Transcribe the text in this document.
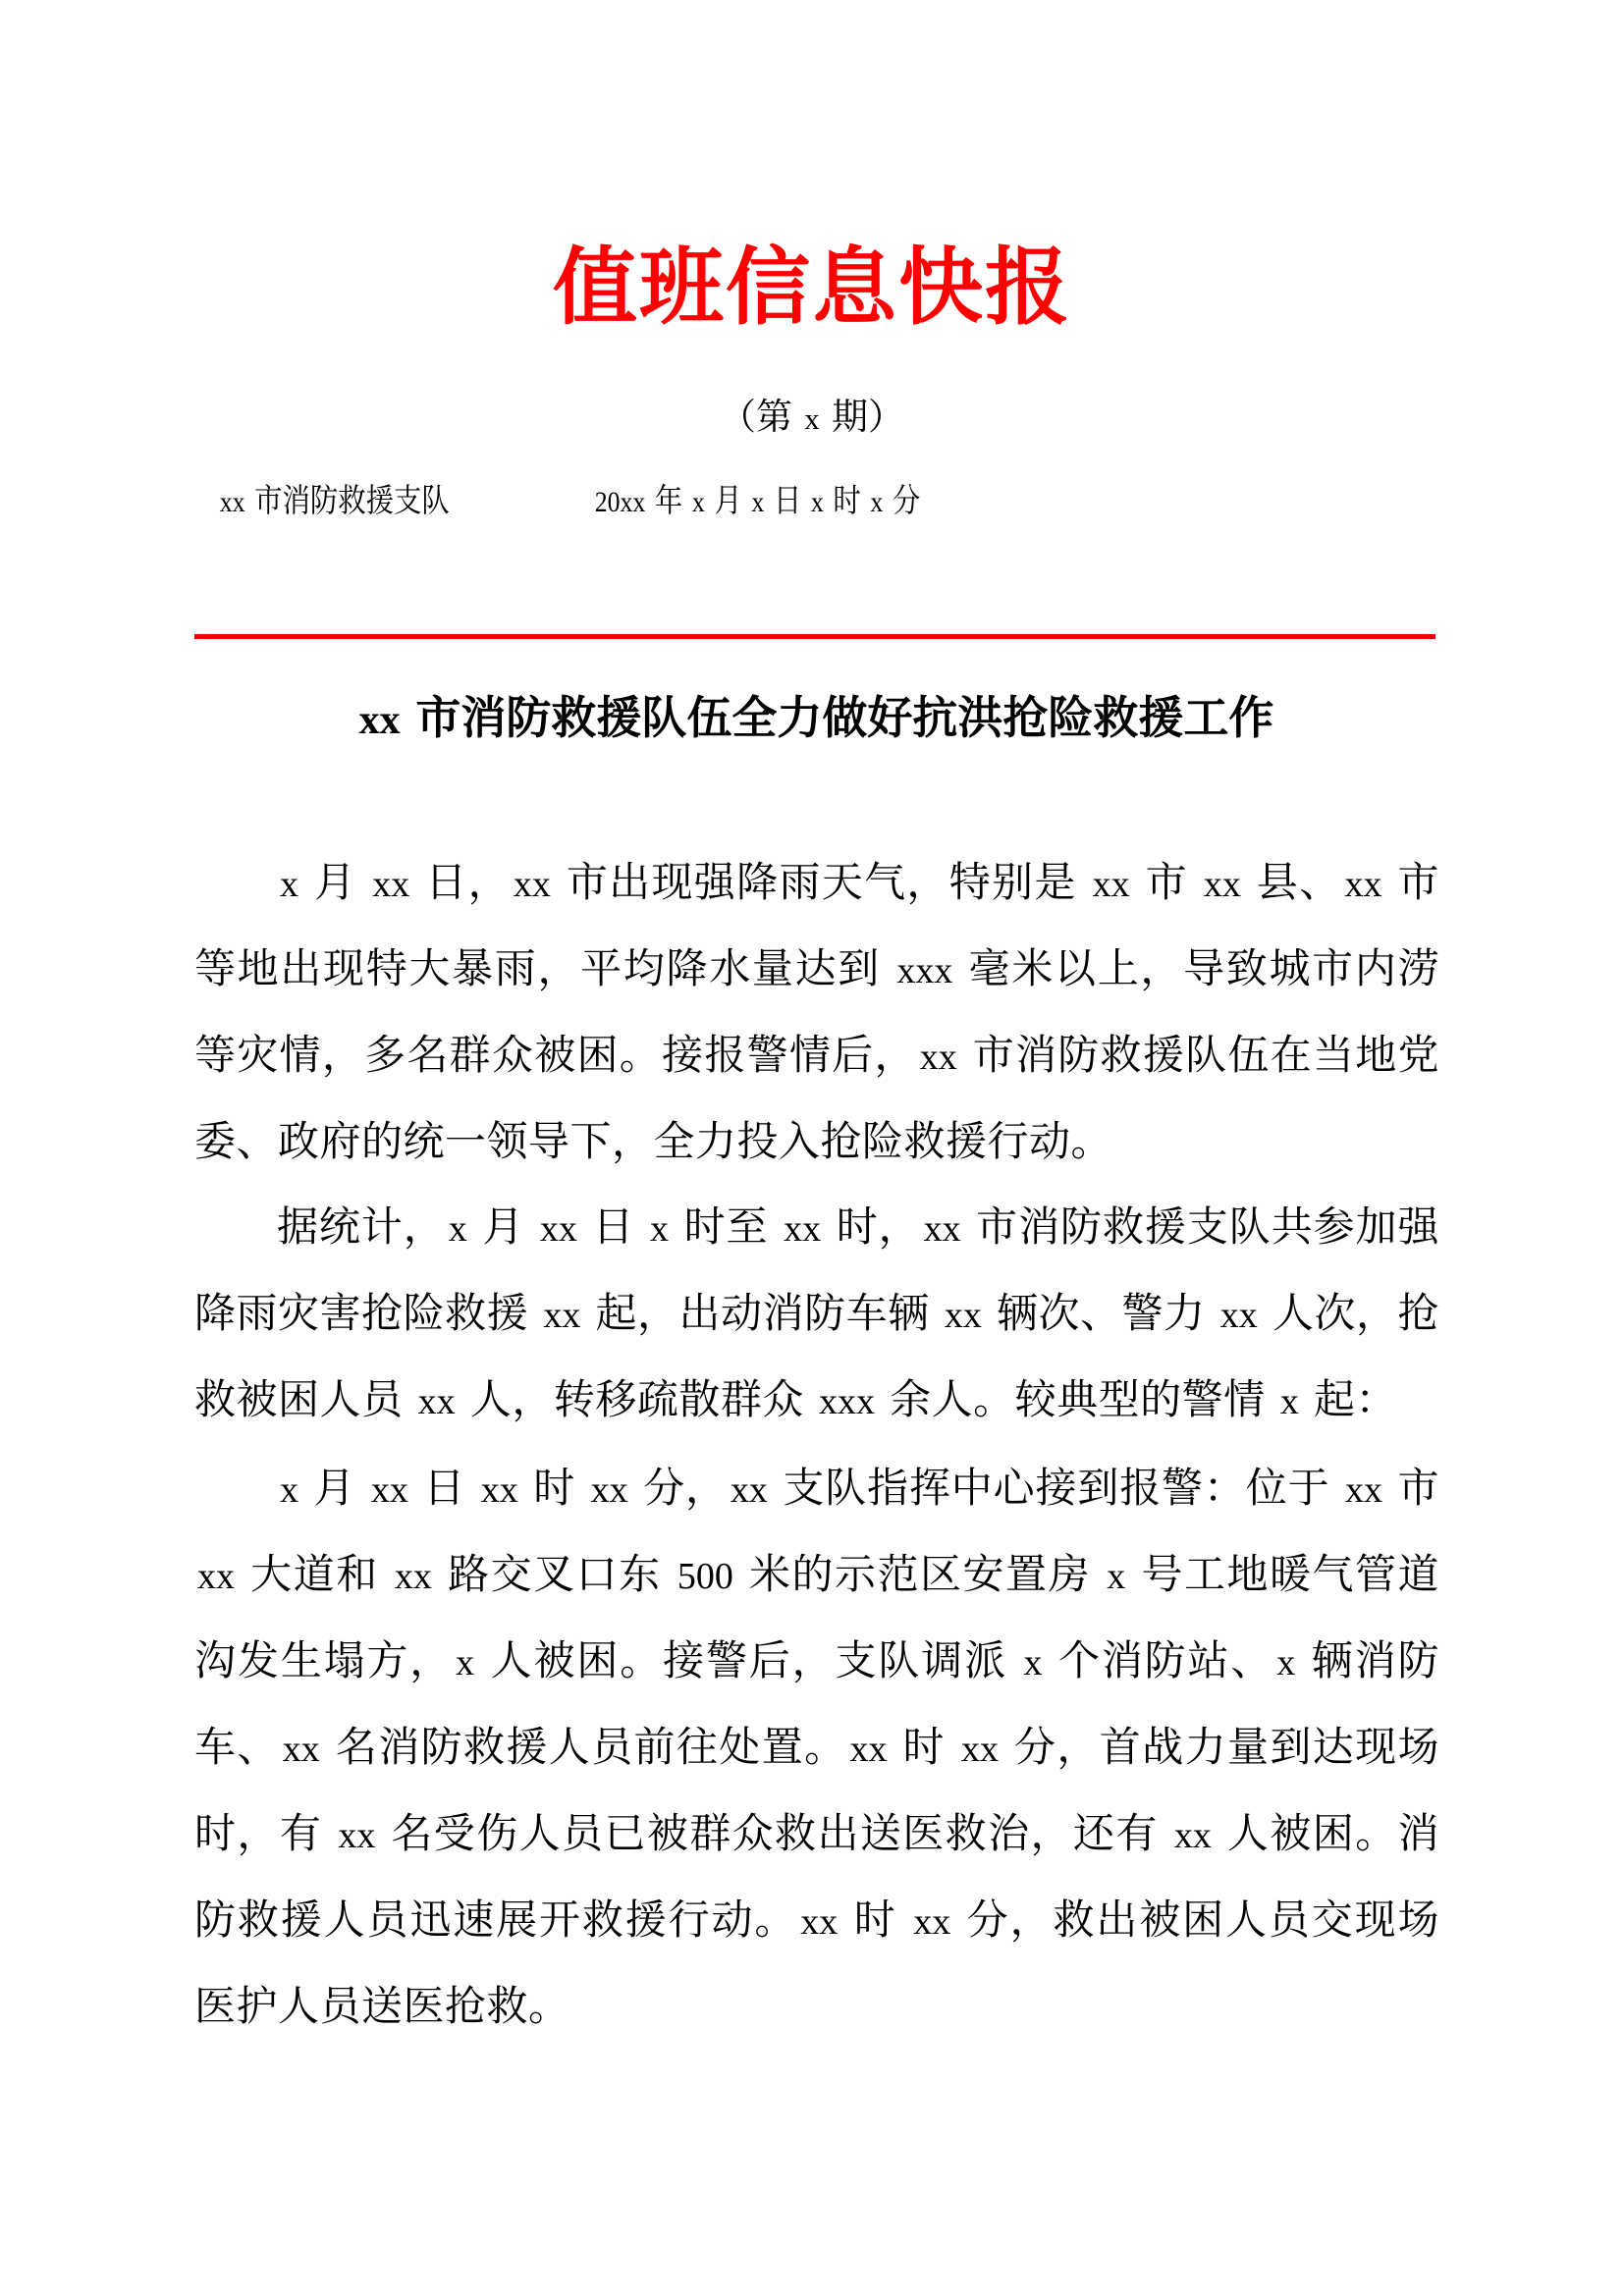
值班信息快报

（第 x 期）

xx 市消防救援支队	20xx 年 x 月 x 日 x 时 x 分
xx 市消防救援队伍全力做好抗洪抢险救援工作

x 月 xx 日，xx 市出现强降雨天气，特别是 xx 市 xx 县、xx 市等地出现特大暴雨，平均降水量达到 xxx 毫米以上，导致城市内涝等灾情，多名群众被困。接报警情后，xx 市消防救援队伍在当地党委、政府的统一领导下，全力投入抢险救援行动。

据统计，x 月 xx 日 x 时至 xx 时，xx 市消防救援支队共参加强降雨灾害抢险救援 xx 起，出动消防车辆 xx 辆次、警力 xx 人次，抢救被困人员 xx 人，转移疏散群众 xxx 余人。较典型的警情 x 起：

x 月 xx 日 xx 时 xx 分，xx 支队指挥中心接到报警：位于 xx 市 xx 大道和 xx 路交叉口东 500 米的示范区安置房 x 号工地暖气管道沟发生塌方，x 人被困。接警后，支队调派 x 个消防站、x 辆消防车、xx 名消防救援人员前往处置。xx 时 xx 分，首战力量到达现场时，有 xx 名受伤人员已被群众救出送医救治，还有 xx 人被困。消防救援人员迅速展开救援行动。xx 时 xx 分，救出被困人员交现场医护人员送医抢救。
